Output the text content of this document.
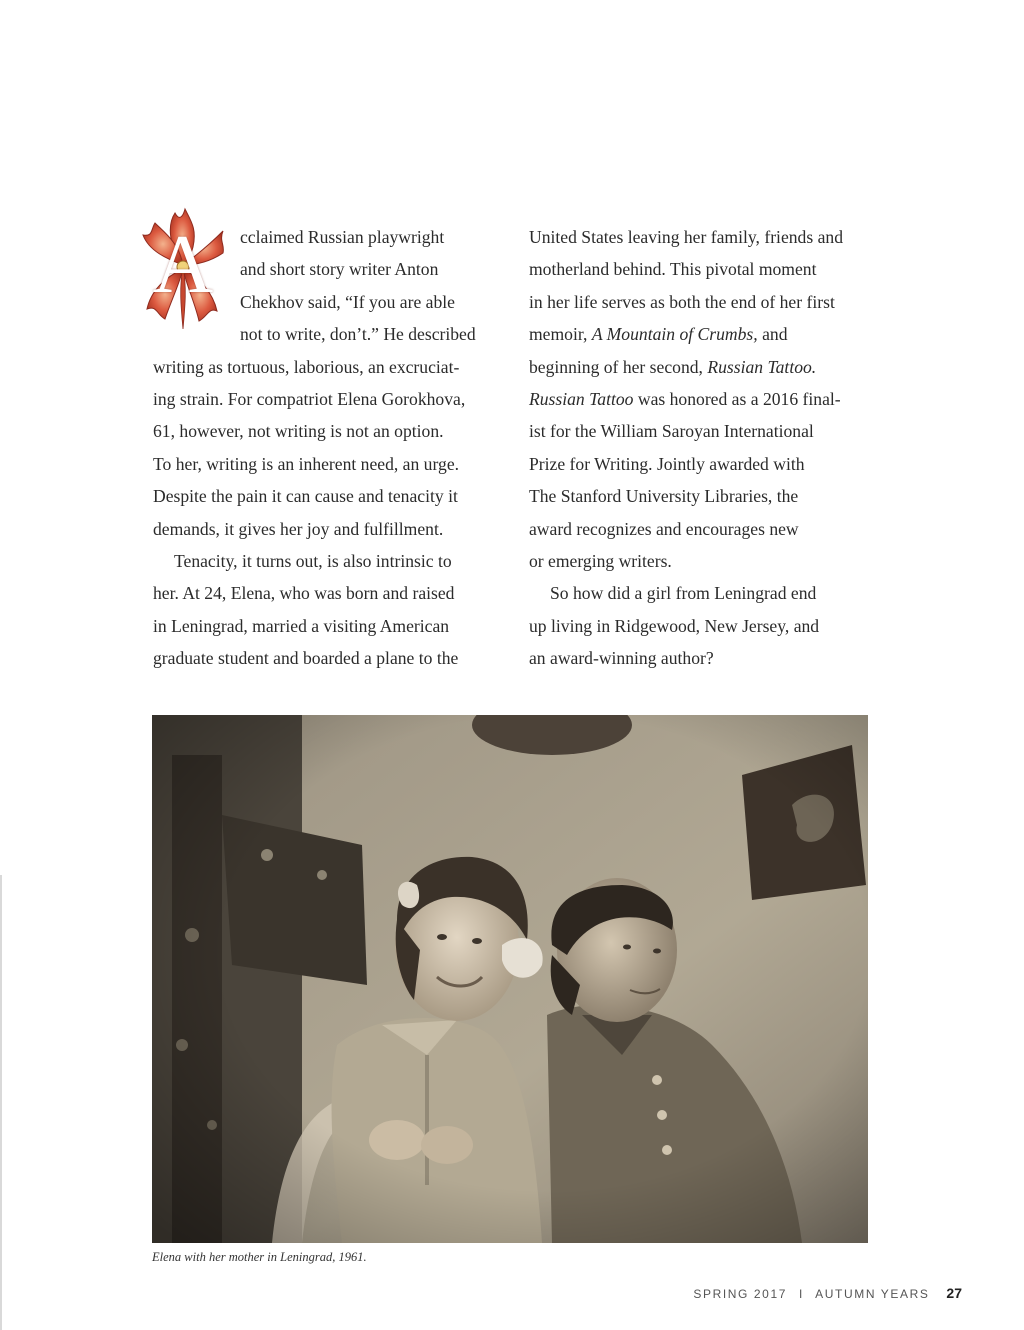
A	cclaimed Russian playwright
and short story writer Anton
Chekhov said, “If you are able
not to write, don’t.” He described

writing as tortuous, laborious, an excruciat-
ing strain. For compatriot Elena Gorokhova,
61, however, not writing is not an option.
To her, writing is an inherent need, an urge.
Despite the pain it can cause and tenacity it
demands, it gives her joy and fulfillment.

Tenacity, it turns out, is also intrinsic to
her. At 24, Elena, who was born and raised
in Leningrad, married a visiting American
graduate student and boarded a plane to the

United States leaving her family, friends and
motherland behind. This pivotal moment
in her life serves as both the end of her first
memoir, A Mountain of Crumbs, and
beginning of her second, Russian Tattoo.
Russian Tattoo was honored as a 2016 final-
ist for the William Saroyan International
Prize for Writing. Jointly awarded with
The Stanford University Libraries, the
award recognizes and encourages new
or emerging writers.

So how did a girl from Leningrad end
up living in Ridgewood, New Jersey, and
an award-winning author?

Elena with her mother in Leningrad, 1961.
SPRING 2017 I AUTUMN YEARS 27
